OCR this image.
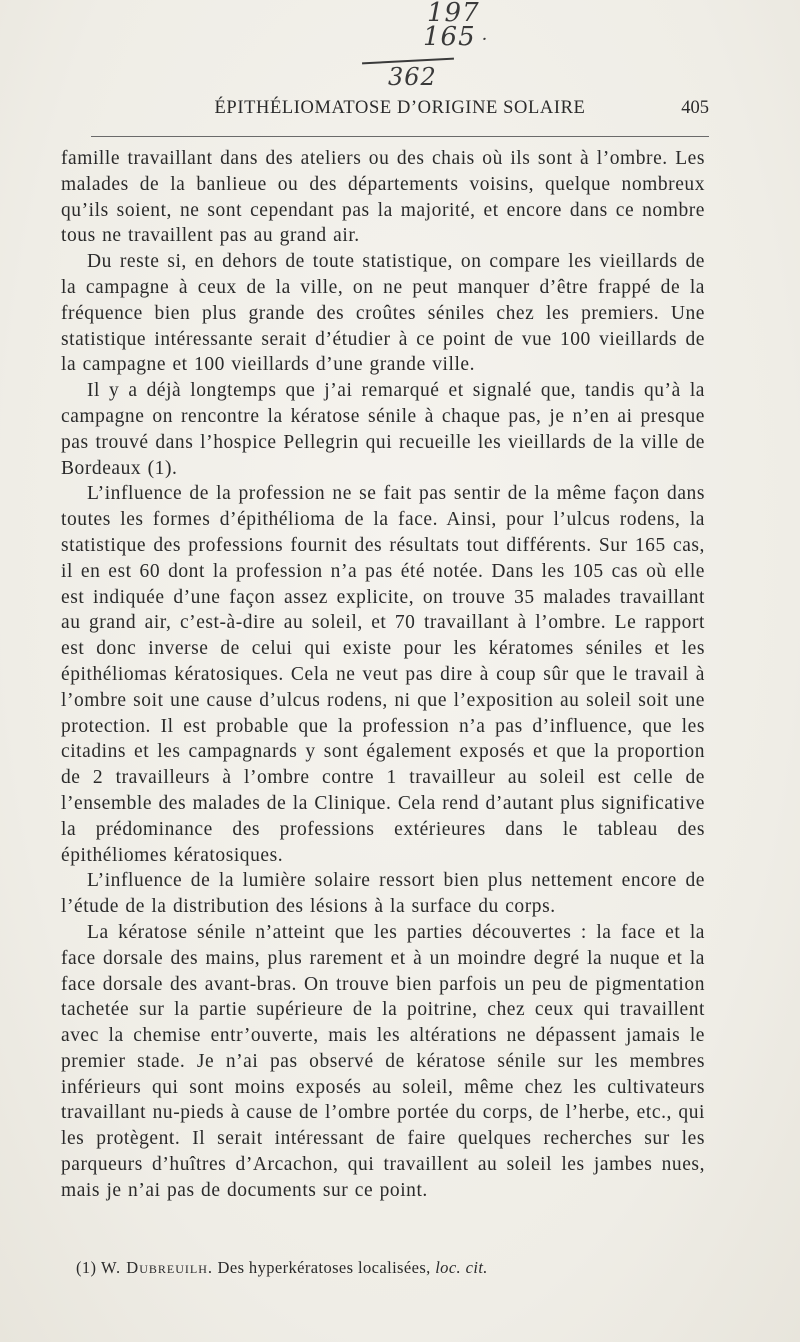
197
165 ·
362
ÉPITHÉLIOMATOSE D’ORIGINE SOLAIRE	405

famille travaillant dans des ateliers ou des chais où ils sont à l’ombre. Les malades de la banlieue ou des départements voisins, quelque nombreux qu’ils soient, ne sont cependant pas la majorité, et encore dans ce nombre tous ne travaillent pas au grand air.

Du reste si, en dehors de toute statistique, on compare les vieillards de la campagne à ceux de la ville, on ne peut manquer d’être frappé de la fréquence bien plus grande des croûtes séniles chez les premiers. Une statistique intéressante serait d’étudier à ce point de vue 100 vieillards de la campagne et 100 vieillards d’une grande ville.

Il y a déjà longtemps que j’ai remarqué et signalé que, tandis qu’à la campagne on rencontre la kératose sénile à chaque pas, je n’en ai presque pas trouvé dans l’hospice Pellegrin qui recueille les vieillards de la ville de Bordeaux (1).

L’influence de la profession ne se fait pas sentir de la même façon dans toutes les formes d’épithélioma de la face. Ainsi, pour l’ulcus rodens, la statistique des professions fournit des résultats tout différents. Sur 165 cas, il en est 60 dont la profession n’a pas été notée. Dans les 105 cas où elle est indiquée d’une façon assez explicite, on trouve 35 malades travaillant au grand air, c’est-à-dire au soleil, et 70 travaillant à l’ombre. Le rapport est donc inverse de celui qui existe pour les kératomes séniles et les épithéliomas kératosiques. Cela ne veut pas dire à coup sûr que le travail à l’ombre soit une cause d’ulcus rodens, ni que l’exposition au soleil soit une protection. Il est probable que la profession n’a pas d’influence, que les citadins et les campagnards y sont également exposés et que la proportion de 2 travailleurs à l’ombre contre 1 travailleur au soleil est celle de l’ensemble des malades de la Clinique. Cela rend d’autant plus significative la prédominance des professions extérieures dans le tableau des épithéliomes kératosiques.

L’influence de la lumière solaire ressort bien plus nettement encore de l’étude de la distribution des lésions à la surface du corps.

La kératose sénile n’atteint que les parties découvertes : la face et la face dorsale des mains, plus rarement et à un moindre degré la nuque et la face dorsale des avant-bras. On trouve bien parfois un peu de pigmentation tachetée sur la partie supérieure de la poitrine, chez ceux qui travaillent avec la chemise entr’ouverte, mais les altérations ne dépassent jamais le premier stade. Je n’ai pas observé de kératose sénile sur les membres inférieurs qui sont moins exposés au soleil, même chez les cultivateurs travaillant nu-pieds à cause de l’ombre portée du corps, de l’herbe, etc., qui les protègent. Il serait intéressant de faire quelques recherches sur les parqueurs d’huîtres d’Arcachon, qui travaillent au soleil les jambes nues, mais je n’ai pas de documents sur ce point.

(1) W. Dubreuilh. Des hyperkératoses localisées, loc. cit.
